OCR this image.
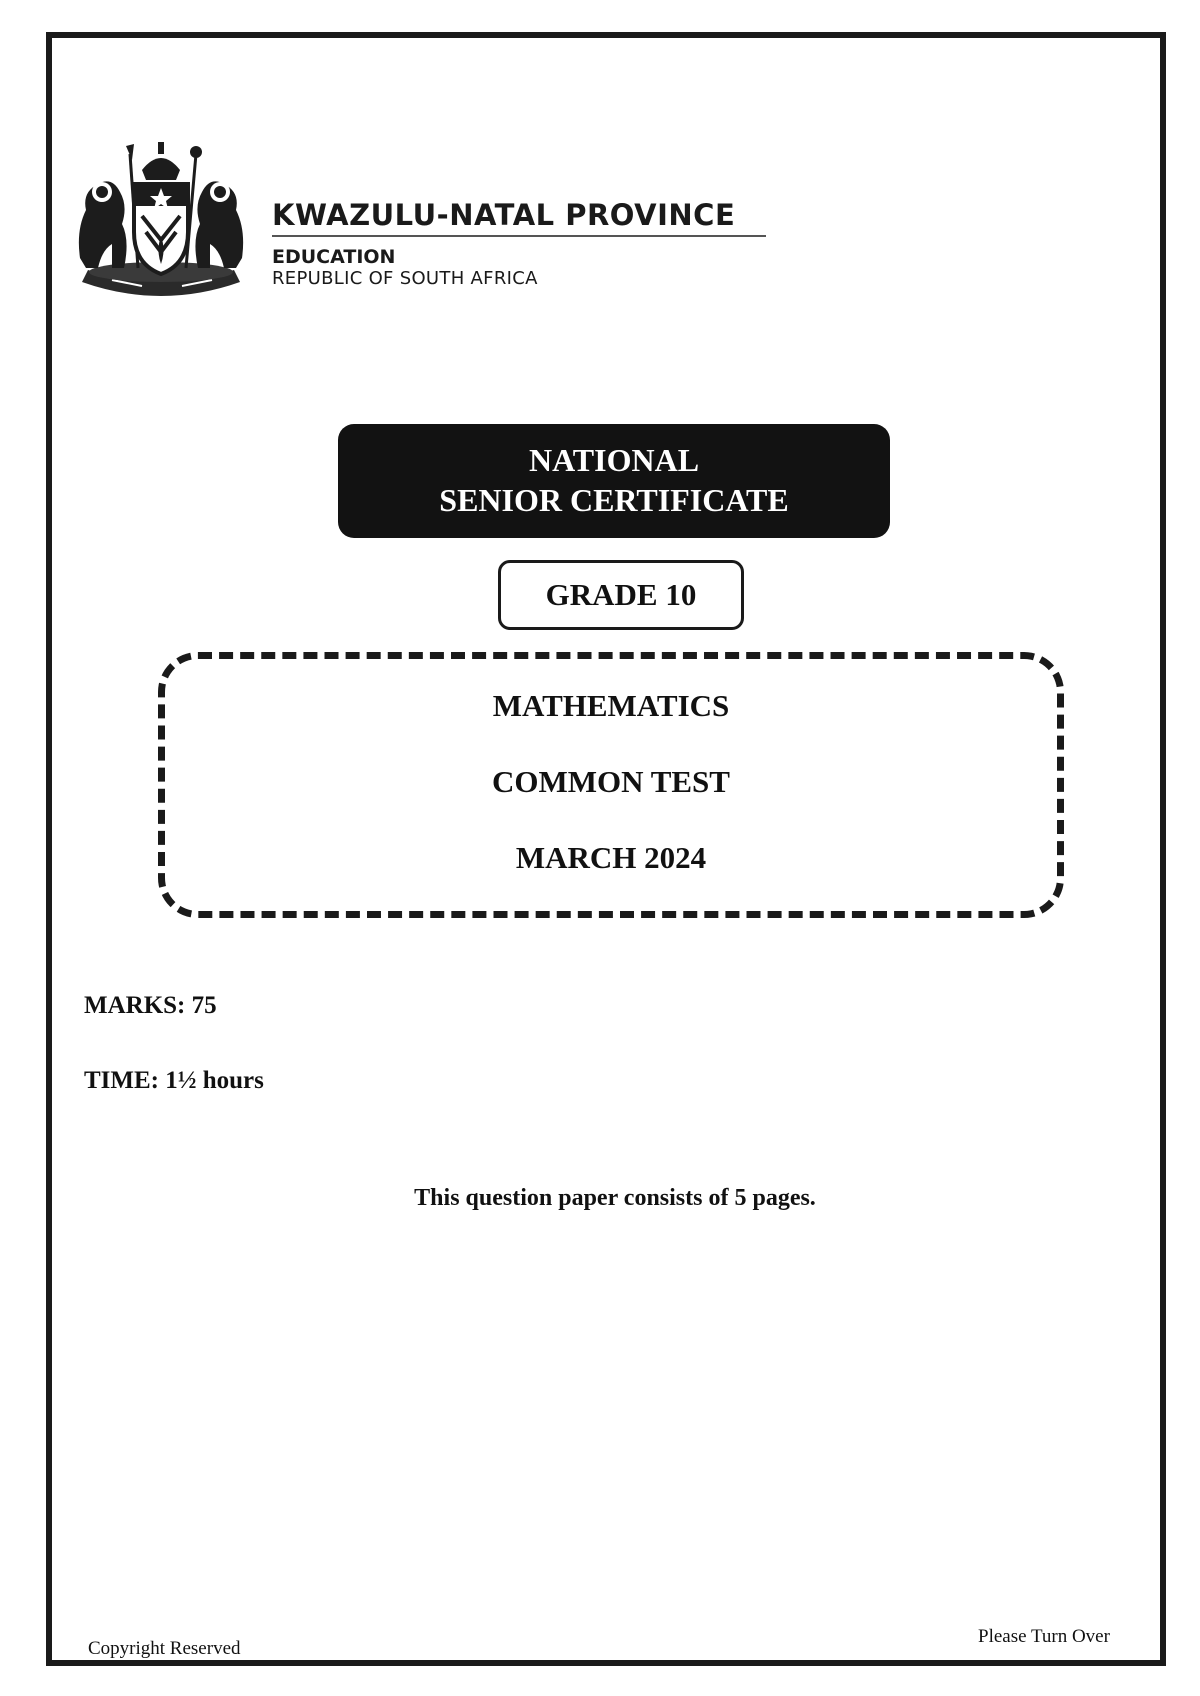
KWAZULU-NATAL PROVINCE
EDUCATION
REPUBLIC OF SOUTH AFRICA
NATIONAL
SENIOR CERTIFICATE
GRADE 10
MATHEMATICS
COMMON TEST
MARCH 2024
MARKS: 75
TIME: 1½ hours
This question paper consists of 5 pages.
Copyright Reserved
Please Turn Over
